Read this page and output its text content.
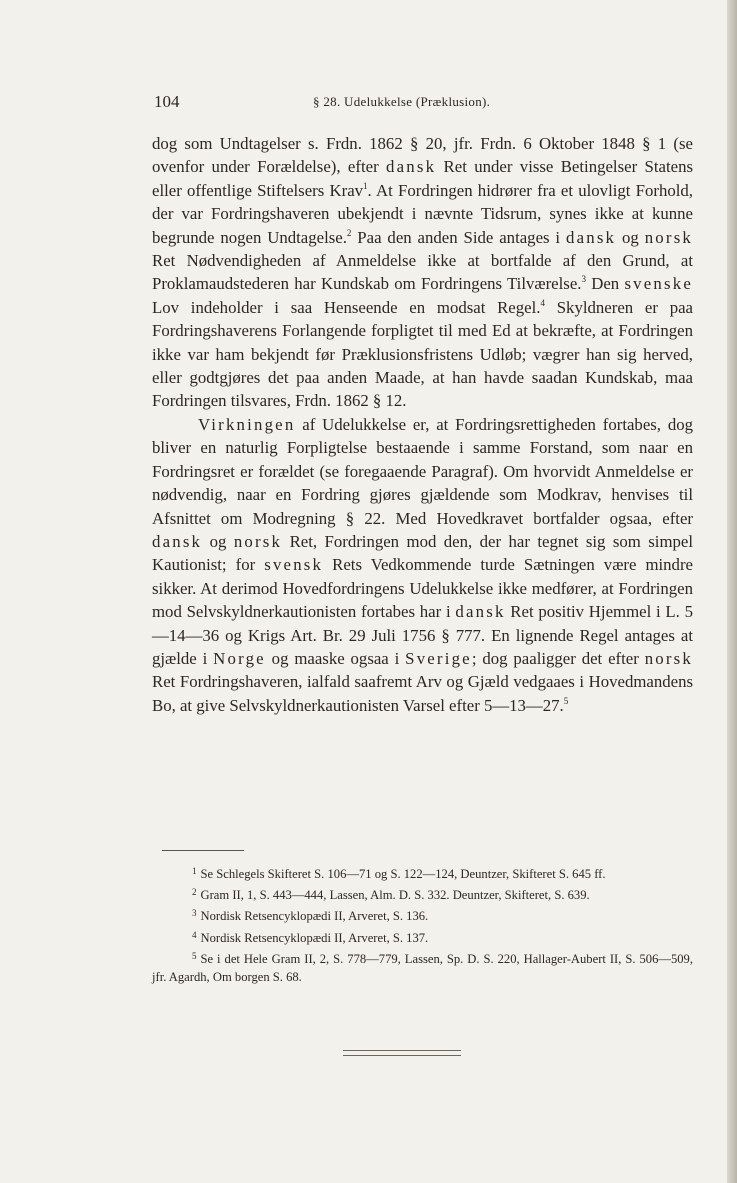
104	§ 28. Udelukkelse (Præklusion).

dog som Undtagelser s. Frdn. 1862 § 20, jfr. Frdn. 6 Oktober 1848 § 1 (se ovenfor under Forældelse), efter dansk Ret under visse Betingelser Statens eller offentlige Stiftelsers Krav$^1$. At Fordringen hidrører fra et ulovligt Forhold, der var Fordringshaveren ubekjendt i nævnte Tidsrum, synes ikke at kunne begrunde nogen Undtagelse.$^2$ Paa den anden Side antages i dansk og norsk Ret Nødvendigheden af Anmeldelse ikke at bortfalde af den Grund, at Proklamaudstederen har Kundskab om Fordringens Tilværelse.$^3$ Den svenske Lov indeholder i saa Henseende en modsat Regel.$^4$ Skyldneren er paa Fordringshaverens Forlangende forpligtet til med Ed at bekræfte, at Fordringen ikke var ham bekjendt før Præklusionsfristens Udløb; vægrer han sig herved, eller godtgjøres det paa anden Maade, at han havde saadan Kundskab, maa Fordringen tilsvares, Frdn. 1862 § 12.

Virkningen af Udelukkelse er, at Fordringsrettigheden fortabes, dog bliver en naturlig Forpligtelse bestaaende i samme Forstand, som naar en Fordringsret er forældet (se foregaaende Paragraf). Om hvorvidt Anmeldelse er nødvendig, naar en Fordring gjøres gjældende som Modkrav, henvises til Afsnittet om Modregning § 22. Med Hovedkravet bortfalder ogsaa, efter dansk og norsk Ret, Fordringen mod den, der har tegnet sig som simpel Kautionist; for svensk Rets Vedkommende turde Sætningen være mindre sikker. At derimod Hovedfordringens Udelukkelse ikke medfører, at Fordringen mod Selvskyldnerkautionisten fortabes har i dansk Ret positiv Hjemmel i L. 5—14—36 og Krigs Art. Br. 29 Juli 1756 § 777. En lignende Regel antages at gjælde i Norge og maaske ogsaa i Sverige; dog paaligger det efter norsk Ret Fordringshaveren, ialfald saafremt Arv og Gjæld vedgaaes i Hovedmandens Bo, at give Selvskyldnerkautionisten Varsel efter 5—13—27.$^5$

$^1$ Se Schlegels Skifteret S. 106—71 og S. 122—124, Deuntzer, Skifteret S. 645 ff.

$^2$ Gram II, 1, S. 443—444, Lassen, Alm. D. S. 332. Deuntzer, Skifteret, S. 639.

$^3$ Nordisk Retsencyklopædi II, Arveret, S. 136.

$^4$ Nordisk Retsencyklopædi II, Arveret, S. 137.

$^5$ Se i det Hele Gram II, 2, S. 778—779, Lassen, Sp. D. S. 220, Hallager-Aubert II, S. 506—509, jfr. Agardh, Om borgen S. 68.
